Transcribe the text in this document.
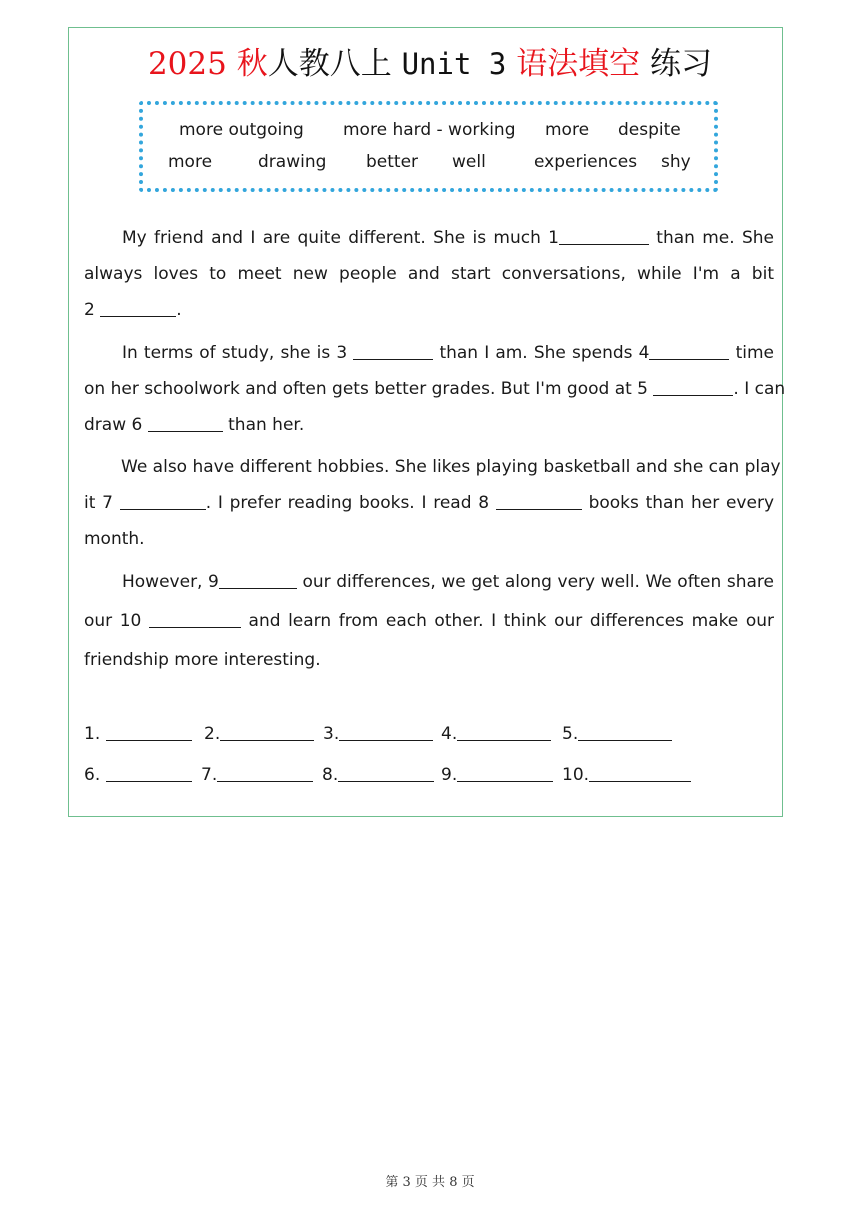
2025 秋人教八上 Unit 3 语法填空 练习
more outgoing more hard - working more despite
more	drawing better well	experiences shy
My friend and I are quite different. She is much 1	than me. She
always loves to meet new people and start conversations, while I'm a bit
2	.
In terms of study, she is 3	than I am. She spends 4	time
on her schoolwork and often gets better grades. But I'm good at 5	. I can
draw 6	than her.
We also have different hobbies. She likes playing basketball and she can play
it 7	. I prefer reading books. I read 8	books than her every
month.
However, 9	our differences, we get along very well. We often share
our 10	and learn from each other. I think our differences make our
friendship more interesting.
1.	2.	3.	4.	5.
6.	7.	8.	9.	10.
第 3 页 共 8 页
